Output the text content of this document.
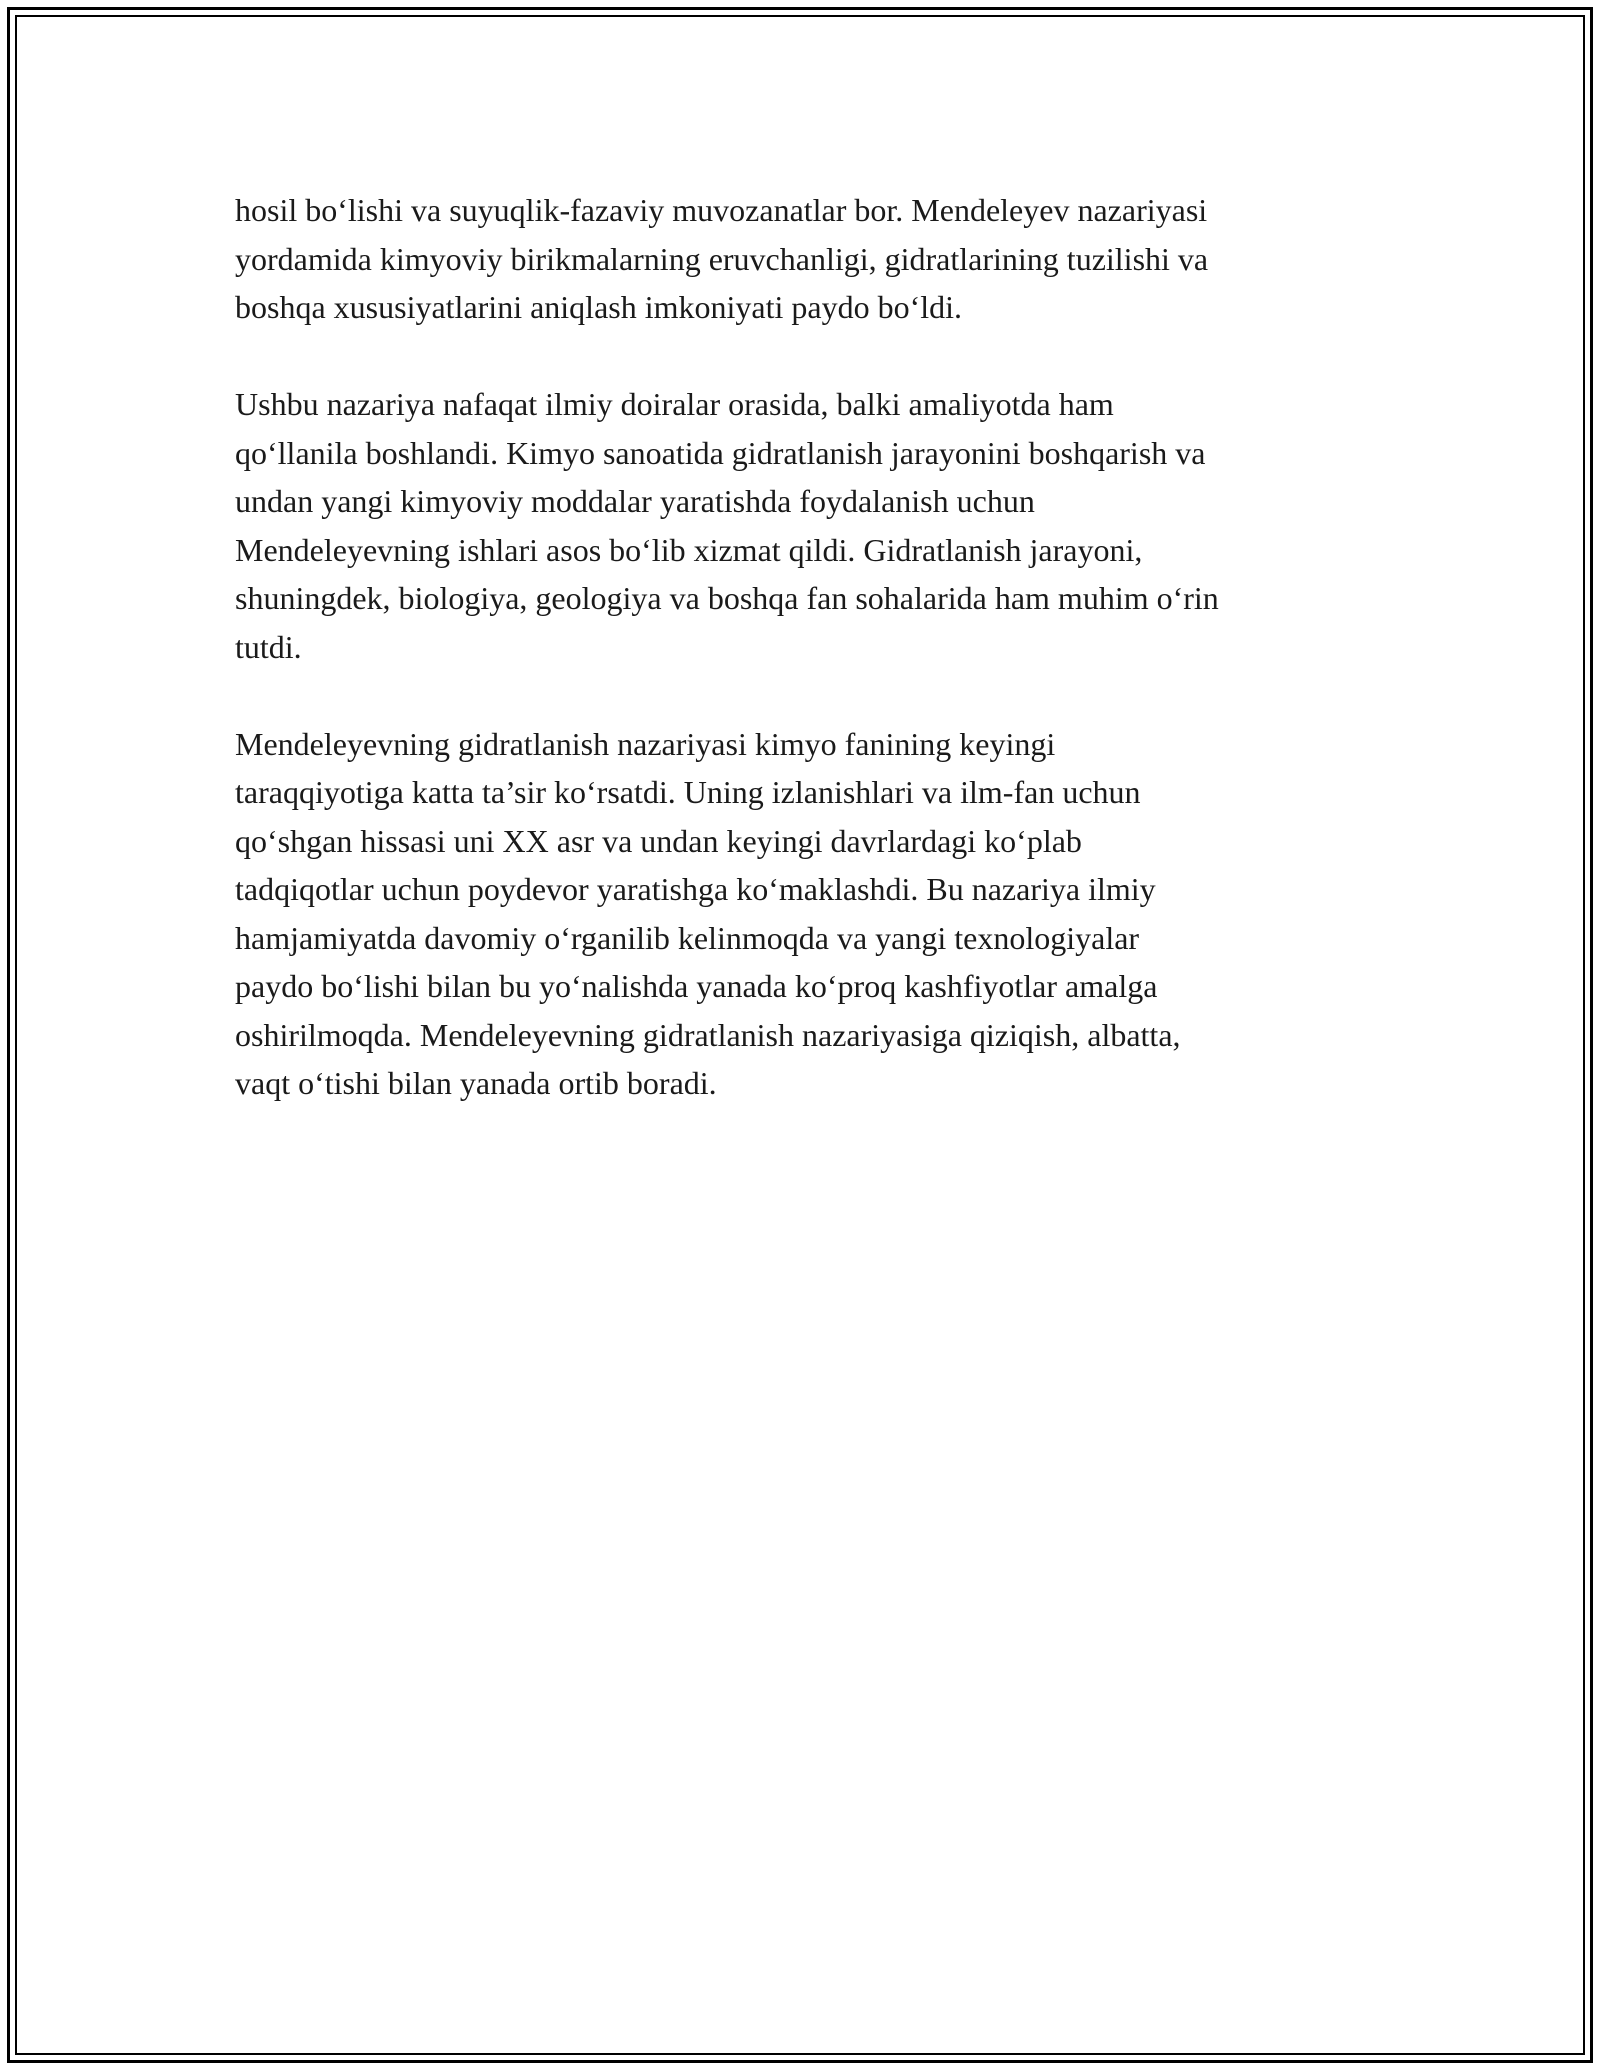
hosil bo‘lishi va suyuqlik-fazaviy muvozanatlar bor. Mendeleyev nazariyasi
yordamida kimyoviy birikmalarning eruvchanligi, gidratlarining tuzilishi va
boshqa xususiyatlarini aniqlash imkoniyati paydo bo‘ldi.

Ushbu nazariya nafaqat ilmiy doiralar orasida, balki amaliyotda ham
qo‘llanila boshlandi. Kimyo sanoatida gidratlanish jarayonini boshqarish va
undan yangi kimyoviy moddalar yaratishda foydalanish uchun
Mendeleyevning ishlari asos bo‘lib xizmat qildi. Gidratlanish jarayoni,
shuningdek, biologiya, geologiya va boshqa fan sohalarida ham muhim o‘rin
tutdi.

Mendeleyevning gidratlanish nazariyasi kimyo fanining keyingi
taraqqiyotiga katta ta’sir ko‘rsatdi. Uning izlanishlari va ilm-fan uchun
qo‘shgan hissasi uni XX asr va undan keyingi davrlardagi ko‘plab
tadqiqotlar uchun poydevor yaratishga ko‘maklashdi. Bu nazariya ilmiy
hamjamiyatda davomiy o‘rganilib kelinmoqda va yangi texnologiyalar
paydo bo‘lishi bilan bu yo‘nalishda yanada ko‘proq kashfiyotlar amalga
oshirilmoqda. Mendeleyevning gidratlanish nazariyasiga qiziqish, albatta,
vaqt o‘tishi bilan yanada ortib boradi.
